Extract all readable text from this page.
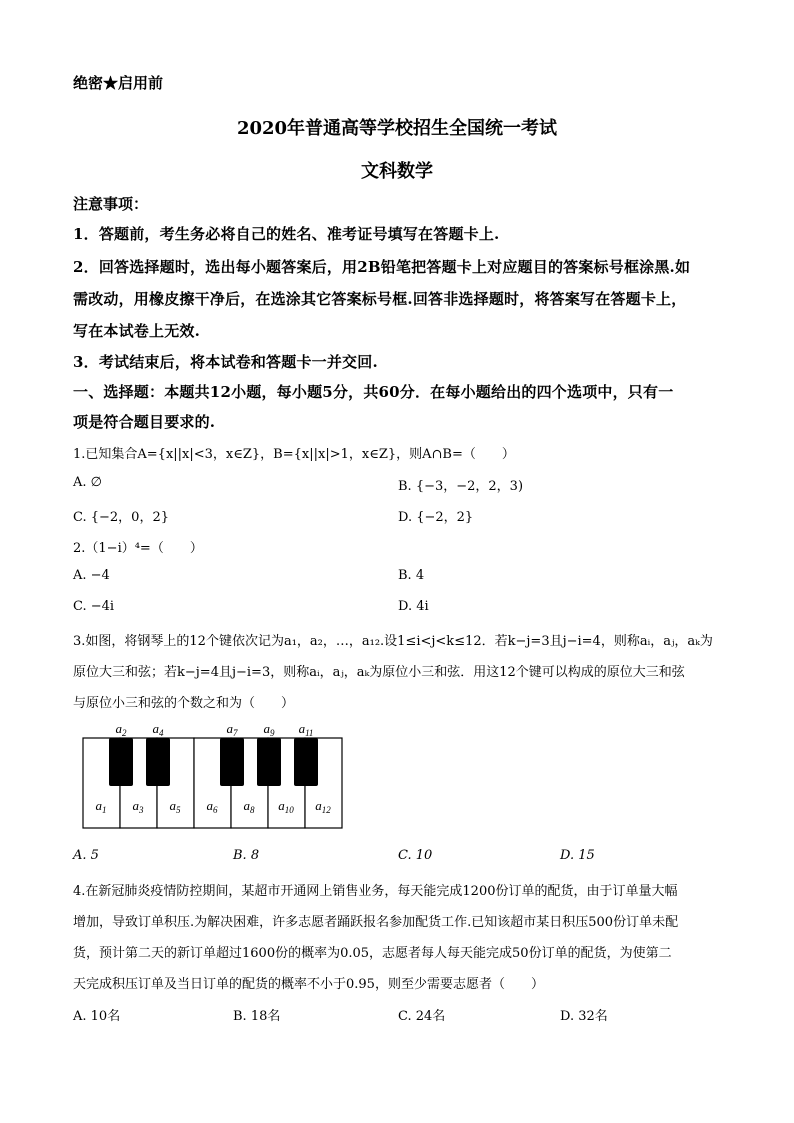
绝密★启用前
2020年普通高等学校招生全国统一考试
文科数学
注意事项：
1．答题前，考生务必将自己的姓名、准考证号填写在答题卡上.
2．回答选择题时，选出每小题答案后，用2B铅笔把答题卡上对应题目的答案标号框涂黑.如
需改动，用橡皮擦干净后，在选涂其它答案标号框.回答非选择题时，将答案写在答题卡上，
写在本试卷上无效.
3．考试结束后，将本试卷和答题卡一并交回.
一、选择题：本题共12小题，每小题5分，共60分．在每小题给出的四个选项中，只有一
项是符合题目要求的.
1.已知集合A={x||x|<3，x∈Z}，B={x||x|>1，x∈Z}，则A∩B=（　　）
A. ∅	B. {−3，−2，2，3)
C. {−2，0，2}	D. {−2，2}
2.（1−i）⁴=（　　）
A. −4	B. 4
C. −4i	D. 4i
3.如图，将钢琴上的12个键依次记为a₁，a₂，…，a₁₂.设1≤i<j<k≤12．若k−j=3且j−i=4，则称aᵢ，aⱼ，aₖ为
原位大三和弦；若k−j=4且j−i=3，则称aᵢ，aⱼ，aₖ为原位小三和弦．用这12个键可以构成的原位大三和弦
与原位小三和弦的个数之和为（　　）
$a_2$ $a_4$	$a_7$ $a_9$ $a_{11}$
$a_1$ $a_3$ $a_5$ $a_6$ $a_8$ $a_{10}$ $a_{12}$
A. 5	B. 8	C. 10	D. 15
4.在新冠肺炎疫情防控期间，某超市开通网上销售业务，每天能完成1200份订单的配货，由于订单量大幅
增加，导致订单积压.为解决困难，许多志愿者踊跃报名参加配货工作.已知该超市某日积压500份订单未配
货，预计第二天的新订单超过1600份的概率为0.05，志愿者每人每天能完成50份订单的配货，为使第二
天完成积压订单及当日订单的配货的概率不小于0.95，则至少需要志愿者（　　）
A. 10名	B. 18名	C. 24名	D. 32名
